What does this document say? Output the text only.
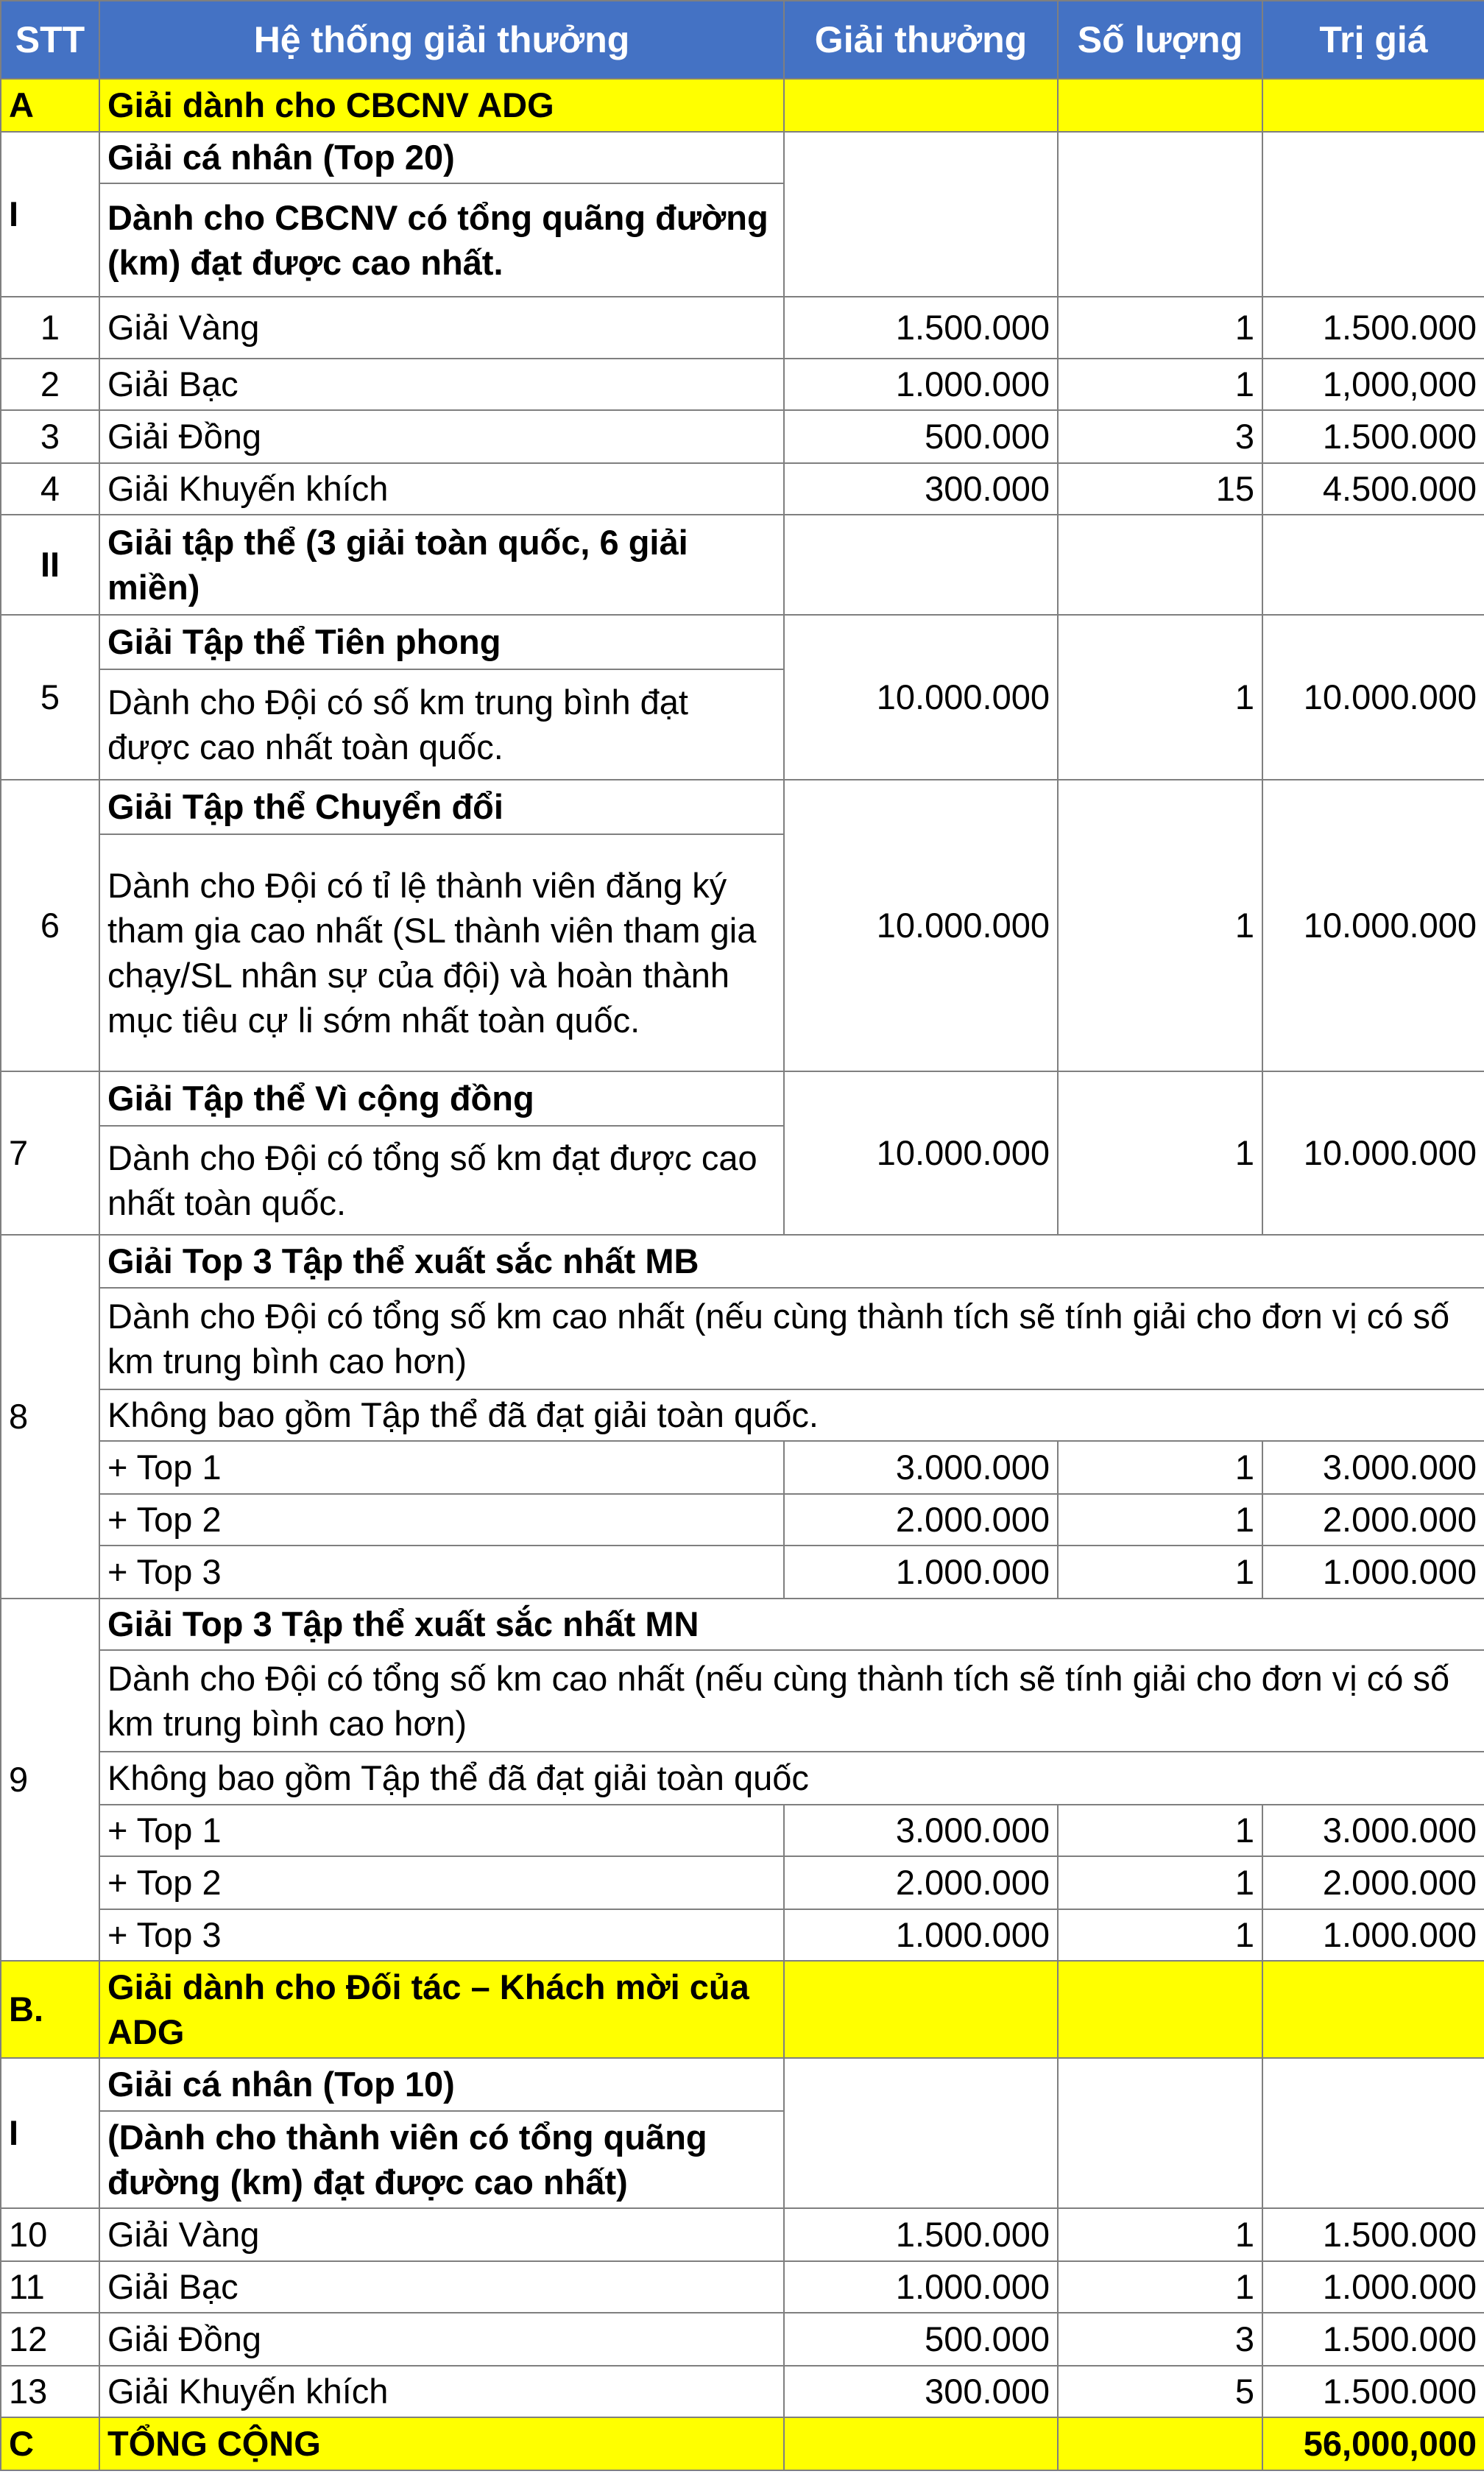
STT	Hệ thống giải thưởng	Giải thưởng	Số lượng	Trị giá
A	Giải dành cho CBCNV ADG			
I	Giải cá nhân (Top 20)			
	Dành cho CBCNV có tổng quãng đường (km) đạt được cao nhất.			
1	Giải Vàng	1.500.000	1	1.500.000
2	Giải Bạc	1.000.000	1	1,000,000
3	Giải Đồng	500.000	3	1.500.000
4	Giải Khuyến khích	300.000	15	4.500.000
II	Giải tập thể (3 giải toàn quốc, 6 giải miền)			
5	Giải Tập thể Tiên phong	10.000.000	1	10.000.000
	Dành cho Đội có số km trung bình đạt được cao nhất toàn quốc.			
6	Giải Tập thể Chuyển đổi	10.000.000	1	10.000.000
	Dành cho Đội có tỉ lệ thành viên đăng ký tham gia cao nhất (SL thành viên tham gia chạy/SL nhân sự của đội) và hoàn thành mục tiêu cự li sớm nhất toàn quốc.			
7	Giải Tập thể Vì cộng đồng	10.000.000	1	10.000.000
	Dành cho Đội có tổng số km đạt được cao nhất toàn quốc.			
8	Giải Top 3 Tập thể xuất sắc nhất MB			
	Dành cho Đội có tổng số km cao nhất (nếu cùng thành tích sẽ tính giải cho đơn vị có số km trung bình cao hơn)			
	Không bao gồm Tập thể đã đạt giải toàn quốc.			
	+ Top 1	3.000.000	1	3.000.000
	+ Top 2	2.000.000	1	2.000.000
	+ Top 3	1.000.000	1	1.000.000
9	Giải Top 3 Tập thể xuất sắc nhất MN			
	Dành cho Đội có tổng số km cao nhất (nếu cùng thành tích sẽ tính giải cho đơn vị có số km trung bình cao hơn)			
	Không bao gồm Tập thể đã đạt giải toàn quốc			
	+ Top 1	3.000.000	1	3.000.000
	+ Top 2	2.000.000	1	2.000.000
	+ Top 3	1.000.000	1	1.000.000
B.	Giải dành cho Đối tác – Khách mời của ADG			
I	Giải cá nhân (Top 10)			
	(Dành cho thành viên có tổng quãng đường (km) đạt được cao nhất)			
10	Giải Vàng	1.500.000	1	1.500.000
11	Giải Bạc	1.000.000	1	1.000.000
12	Giải Đồng	500.000	3	1.500.000
13	Giải Khuyến khích	300.000	5	1.500.000
C	TỔNG CỘNG			56,000,000
